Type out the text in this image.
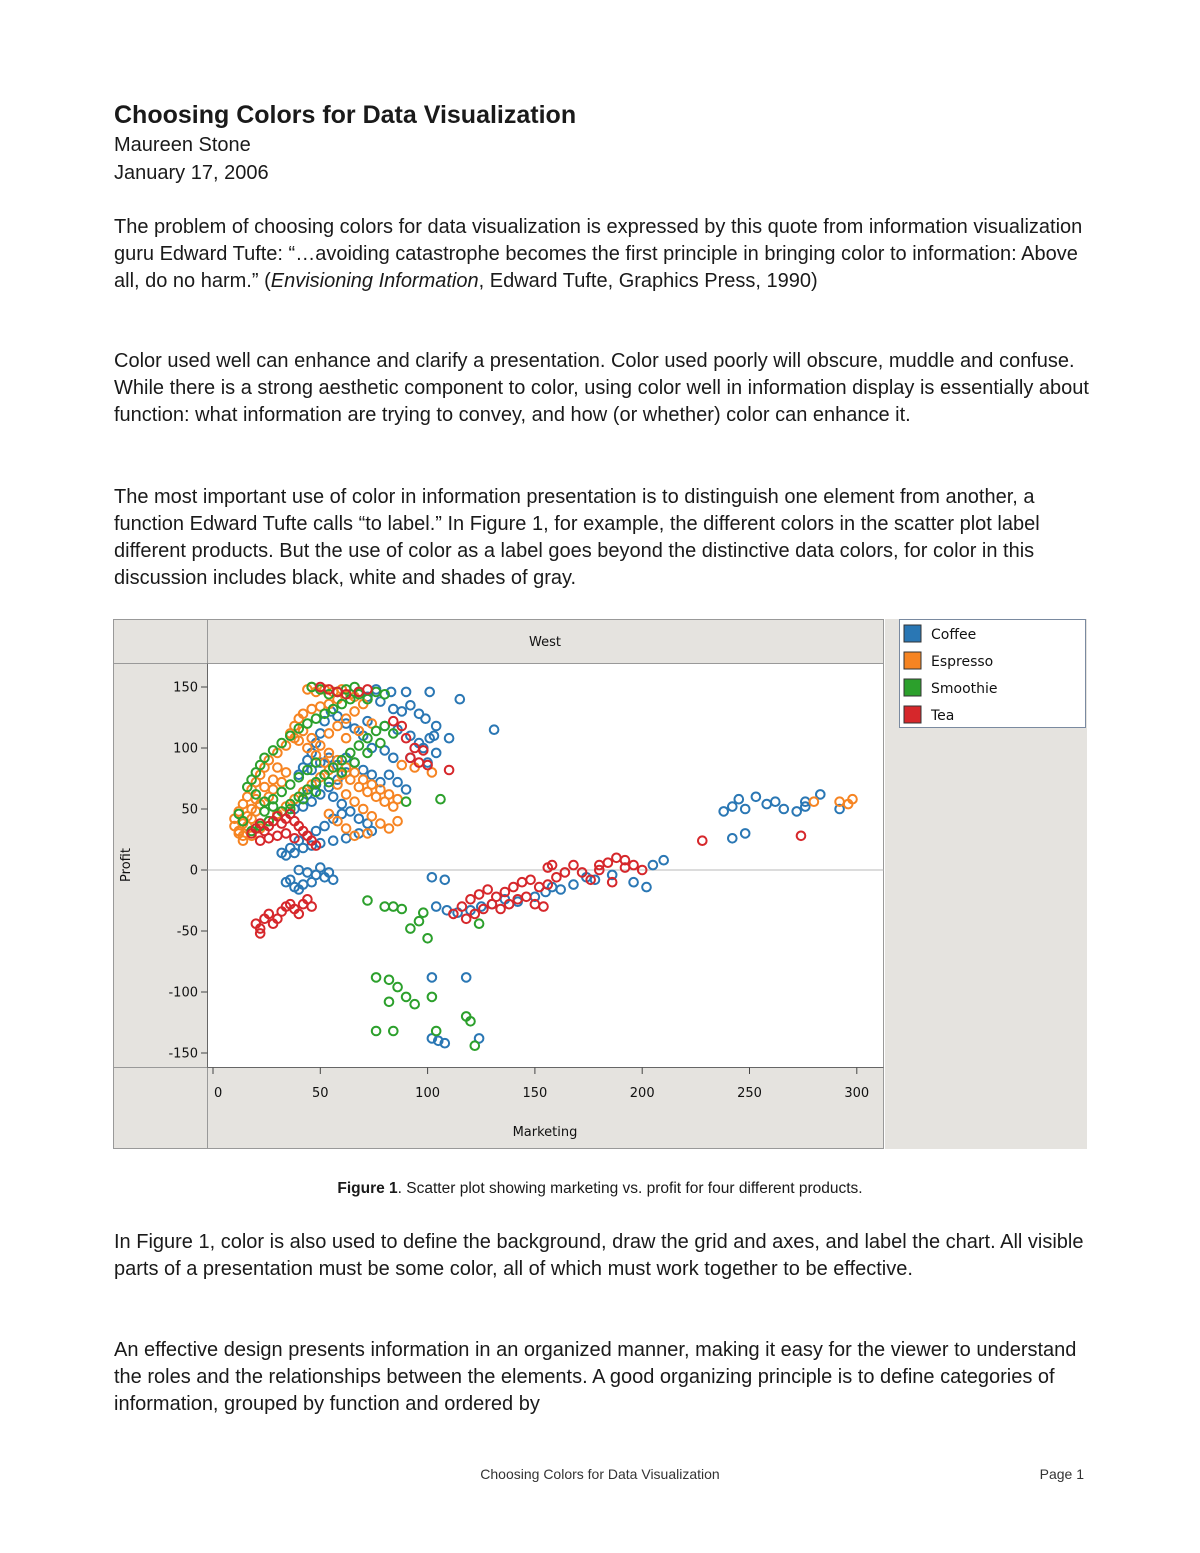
Choosing Colors for Data Visualization

Maureen Stone

January 17, 2006

The problem of choosing colors for data visualization is expressed by this quote from information visualization guru Edward Tufte: “…avoiding catastrophe becomes the first principle in bringing color to information: Above all, do no harm.” (Envisioning Information, Edward Tufte, Graphics Press, 1990)

Color used well can enhance and clarify a presentation. Color used poorly will obscure, muddle and confuse. While there is a strong aesthetic component to color, using color well in information display is essentially about function: what information are trying to convey, and how (or whether) color can enhance it.

The most important use of color in information presentation is to distinguish one element from another, a function Edward Tufte calls “to label.” In Figure 1, for example, the different colors in the scatter plot label different products. But the use of color as a label goes beyond the distinctive data colors, for color in this discussion includes black, white and shades of gray.

West
Profit
Marketing
150
100
50
0
-50
-100
-150
0	50	100	150	200	250	300
Coffee
Espresso
Smoothie
Tea

Figure 1. Scatter plot showing marketing vs. profit for four different products.

In Figure 1, color is also used to define the background, draw the grid and axes, and label the chart. All visible parts of a presentation must be some color, all of which must work together to be effective.

An effective design presents information in an organized manner, making it easy for the viewer to understand the roles and the relationships between the elements. A good organizing principle is to define categories of information, grouped by function and ordered by

Choosing Colors for Data Visualization	Page 1
